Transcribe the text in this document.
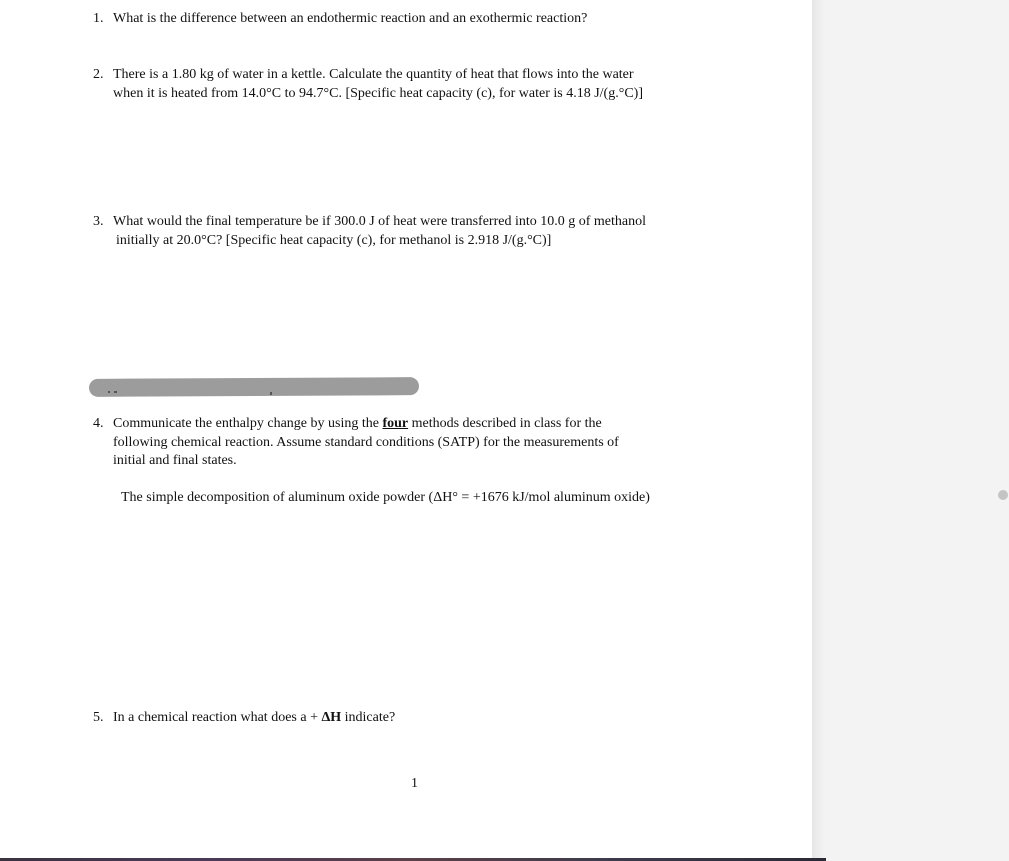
1. What is the difference between an endothermic reaction and an exothermic reaction?
2. There is a 1.80 kg of water in a kettle. Calculate the quantity of heat that flows into the water
when it is heated from 14.0°C to 94.7°C. [Specific heat capacity (c), for water is 4.18 J/(g.°C)]
3. What would the final temperature be if 300.0 J of heat were transferred into 10.0 g of methanol
initially at 20.0°C? [Specific heat capacity (c), for methanol is 2.918 J/(g.°C)]
4. Communicate the enthalpy change by using the four methods described in class for the
following chemical reaction. Assume standard conditions (SATP) for the measurements of
initial and final states.
The simple decomposition of aluminum oxide powder (ΔH° = +1676 kJ/mol aluminum oxide)
5. In a chemical reaction what does a + ΔH indicate?
1
